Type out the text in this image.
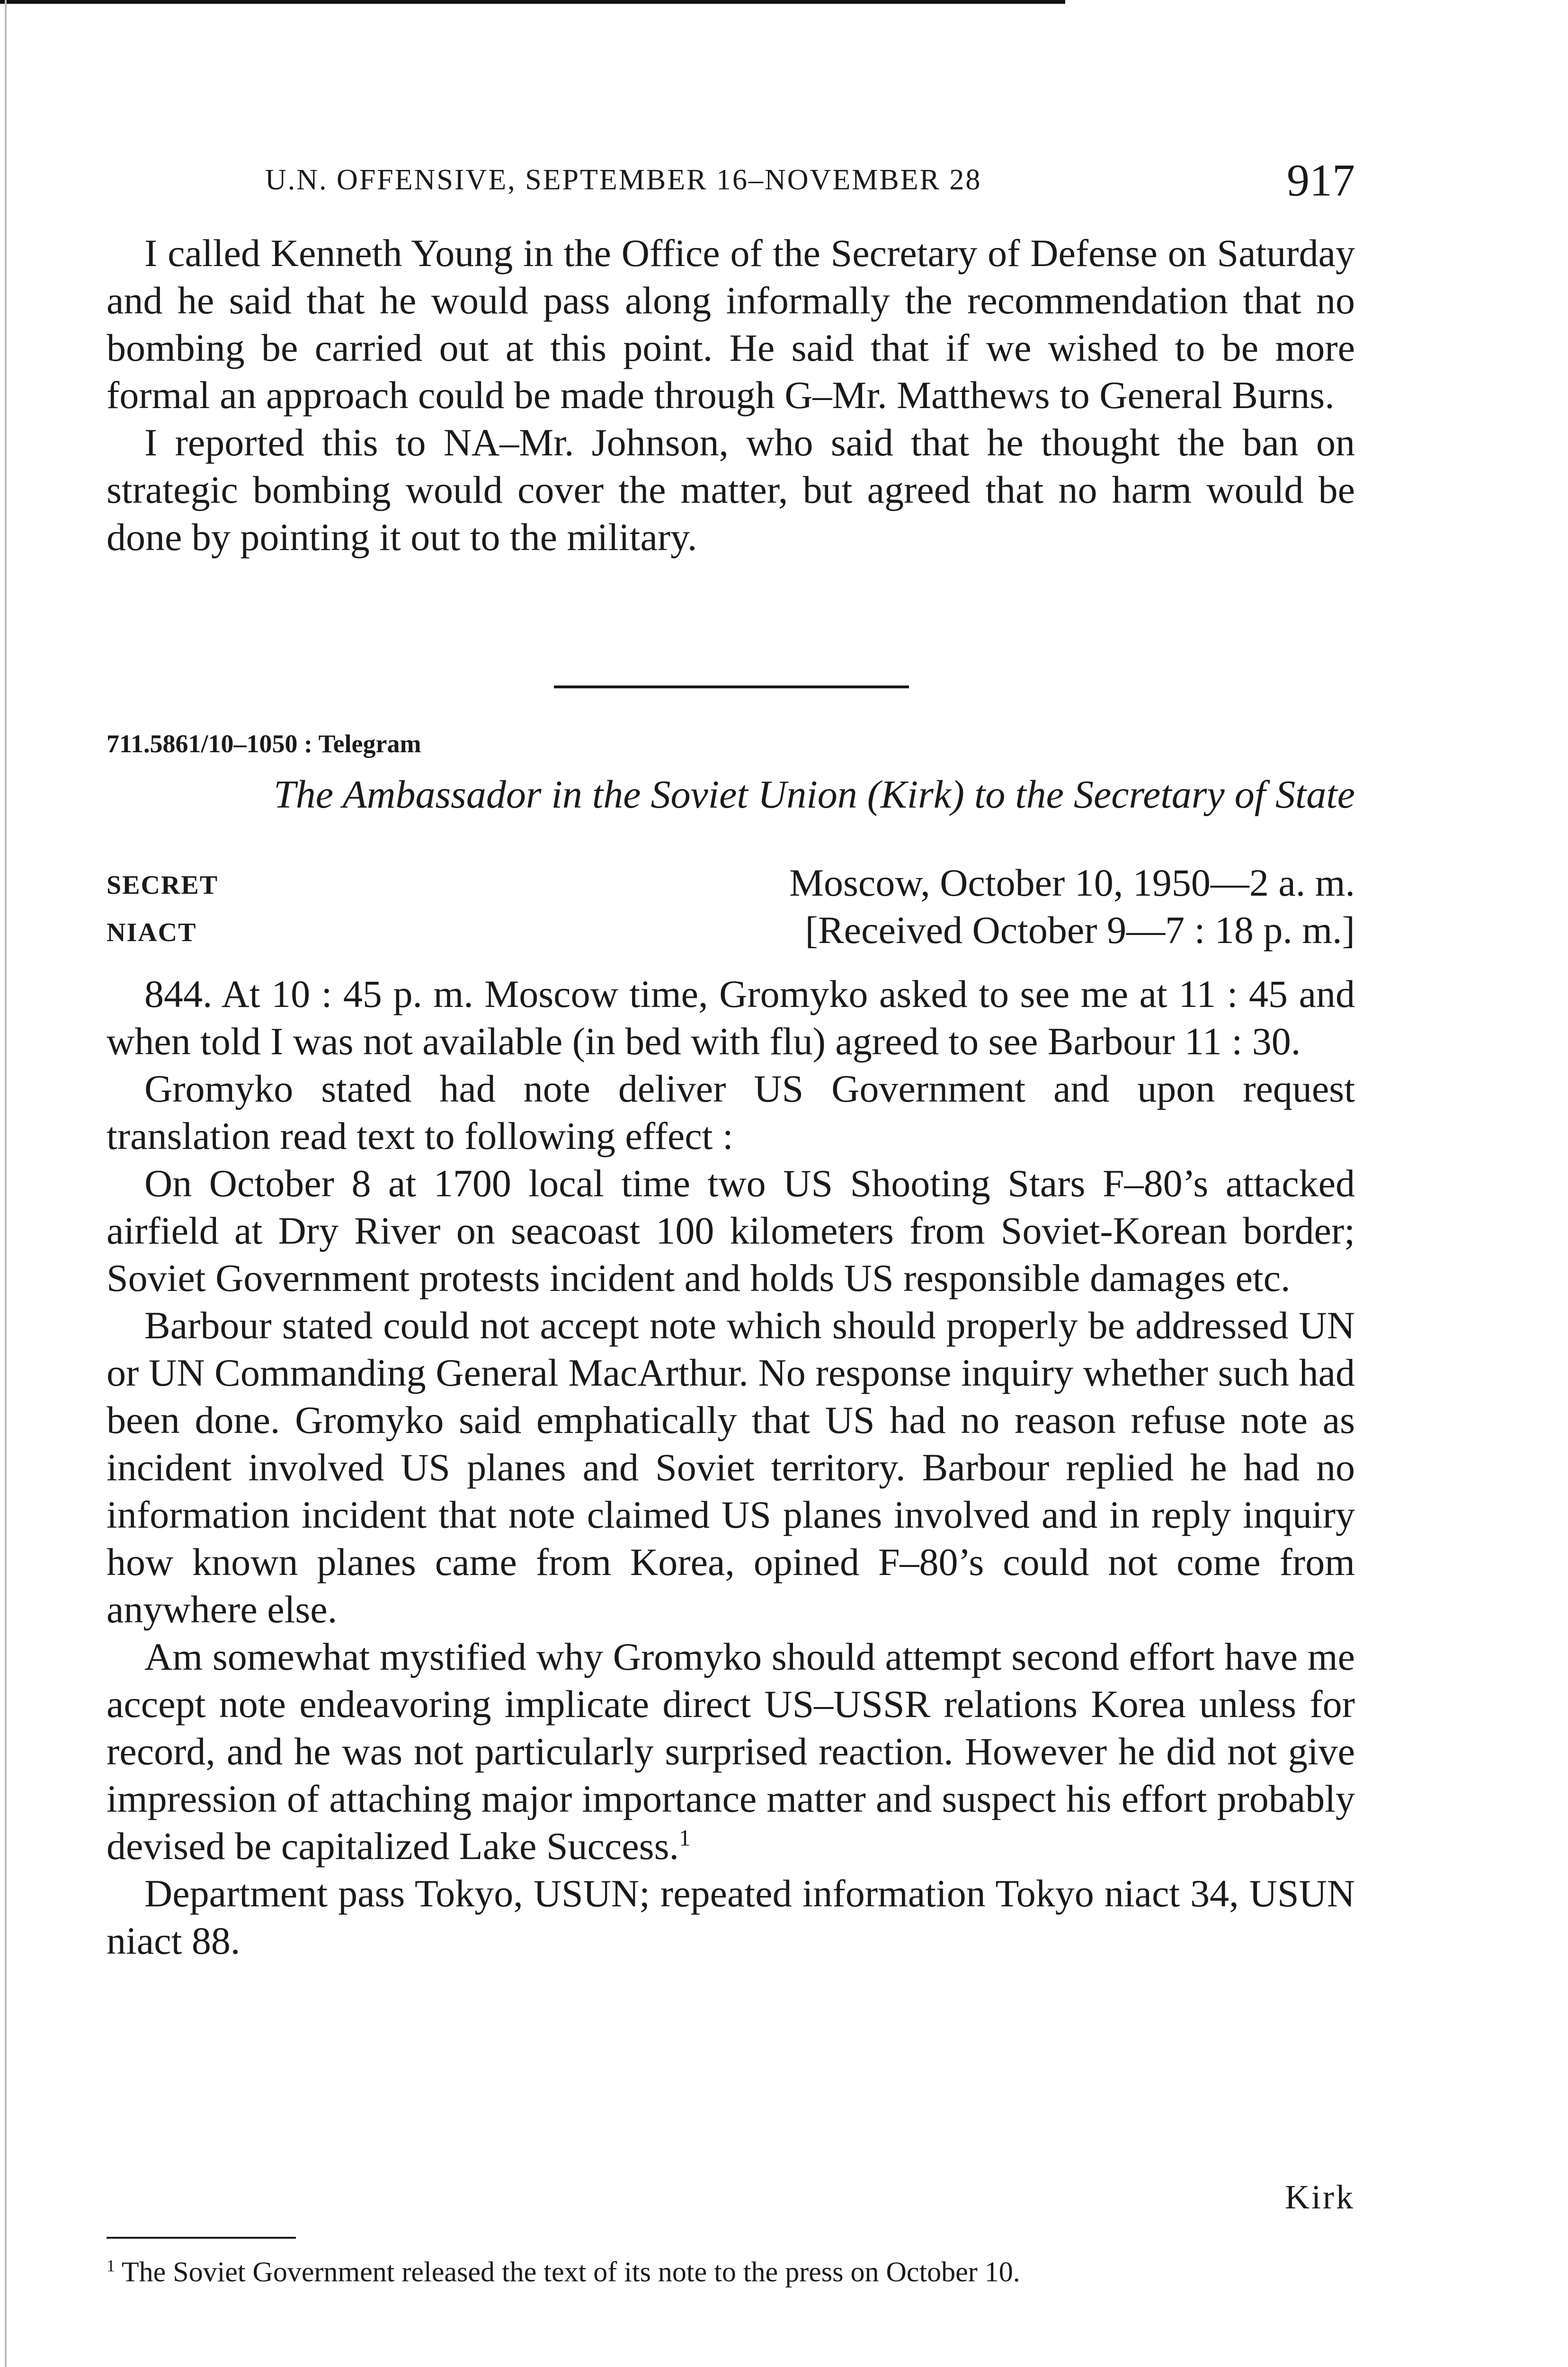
U.N. OFFENSIVE, SEPTEMBER 16–NOVEMBER 28	917

I called Kenneth Young in the Office of the Secretary of Defense on Saturday and he said that he would pass along informally the recommendation that no bombing be carried out at this point. He said that if we wished to be more formal an approach could be made through G–Mr. Matthews to General Burns.

I reported this to NA–Mr. Johnson, who said that he thought the ban on strategic bombing would cover the matter, but agreed that no harm would be done by pointing it out to the military.

711.5861/10–1050 : Telegram
The Ambassador in the Soviet Union (Kirk) to the Secretary of State
SECRET
NIACT
Moscow, October 10, 1950—2 a. m.
[Received October 9—7 : 18 p. m.]

844. At 10 : 45 p. m. Moscow time, Gromyko asked to see me at 11 : 45 and when told I was not available (in bed with flu) agreed to see Barbour 11 : 30.

Gromyko stated had note deliver US Government and upon request translation read text to following effect :

On October 8 at 1700 local time two US Shooting Stars F–80’s attacked airfield at Dry River on seacoast 100 kilometers from Soviet-Korean border; Soviet Government protests incident and holds US responsible damages etc.

Barbour stated could not accept note which should properly be addressed UN or UN Commanding General MacArthur. No response inquiry whether such had been done. Gromyko said emphatically that US had no reason refuse note as incident involved US planes and Soviet territory. Barbour replied he had no information incident that note claimed US planes involved and in reply inquiry how known planes came from Korea, opined F–80’s could not come from anywhere else.

Am somewhat mystified why Gromyko should attempt second effort have me accept note endeavoring implicate direct US–USSR relations Korea unless for record, and he was not particularly surprised reaction. However he did not give impression of attaching major importance matter and suspect his effort probably devised be capitalized Lake Success.$^1$

Department pass Tokyo, USUN; repeated information Tokyo niact 34, USUN niact 88.

Kirk
$^1$ The Soviet Government released the text of its note to the press on October 10.
